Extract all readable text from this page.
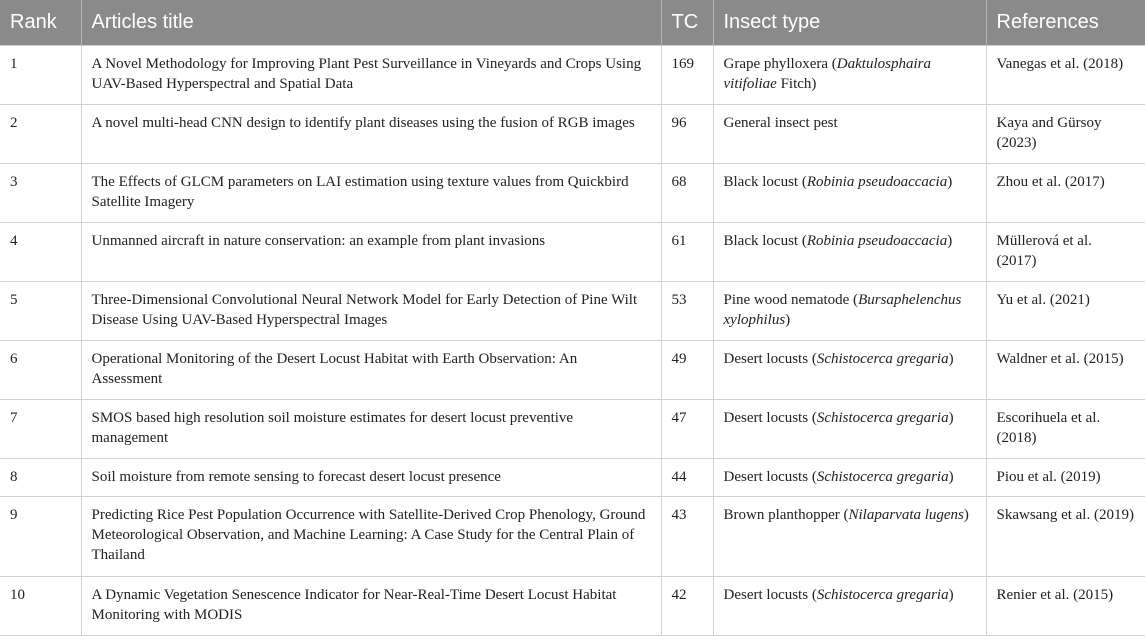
Rank	Articles title	TC	Insect type	References
1	A Novel Methodology for Improving Plant Pest Surveillance in Vineyards and Crops Using UAV-Based Hyperspectral and Spatial Data	169	Grape phylloxera (Daktulosphaira vitifoliae Fitch)	Vanegas et al. (2018)
2	A novel multi-head CNN design to identify plant diseases using the fusion of RGB images	96	General insect pest	Kaya and Gürsoy (2023)
3	The Effects of GLCM parameters on LAI estimation using texture values from Quickbird Satellite Imagery	68	Black locust (Robinia pseudoaccacia)	Zhou et al. (2017)
4	Unmanned aircraft in nature conservation: an example from plant invasions	61	Black locust (Robinia pseudoaccacia)	Müllerová et al. (2017)
5	Three-Dimensional Convolutional Neural Network Model for Early Detection of Pine Wilt Disease Using UAV-Based Hyperspectral Images	53	Pine wood nematode (Bursaphelenchus xylophilus)	Yu et al. (2021)
6	Operational Monitoring of the Desert Locust Habitat with Earth Observation: An Assessment	49	Desert locusts (Schistocerca gregaria)	Waldner et al. (2015)
7	SMOS based high resolution soil moisture estimates for desert locust preventive management	47	Desert locusts (Schistocerca gregaria)	Escorihuela et al. (2018)
8	Soil moisture from remote sensing to forecast desert locust presence	44	Desert locusts (Schistocerca gregaria)	Piou et al. (2019)
9	Predicting Rice Pest Population Occurrence with Satellite-Derived Crop Phenology, Ground Meteorological Observation, and Machine Learning: A Case Study for the Central Plain of Thailand	43	Brown planthopper (Nilaparvata lugens)	Skawsang et al. (2019)
10	A Dynamic Vegetation Senescence Indicator for Near-Real-Time Desert Locust Habitat Monitoring with MODIS	42	Desert locusts (Schistocerca gregaria)	Renier et al. (2015)
